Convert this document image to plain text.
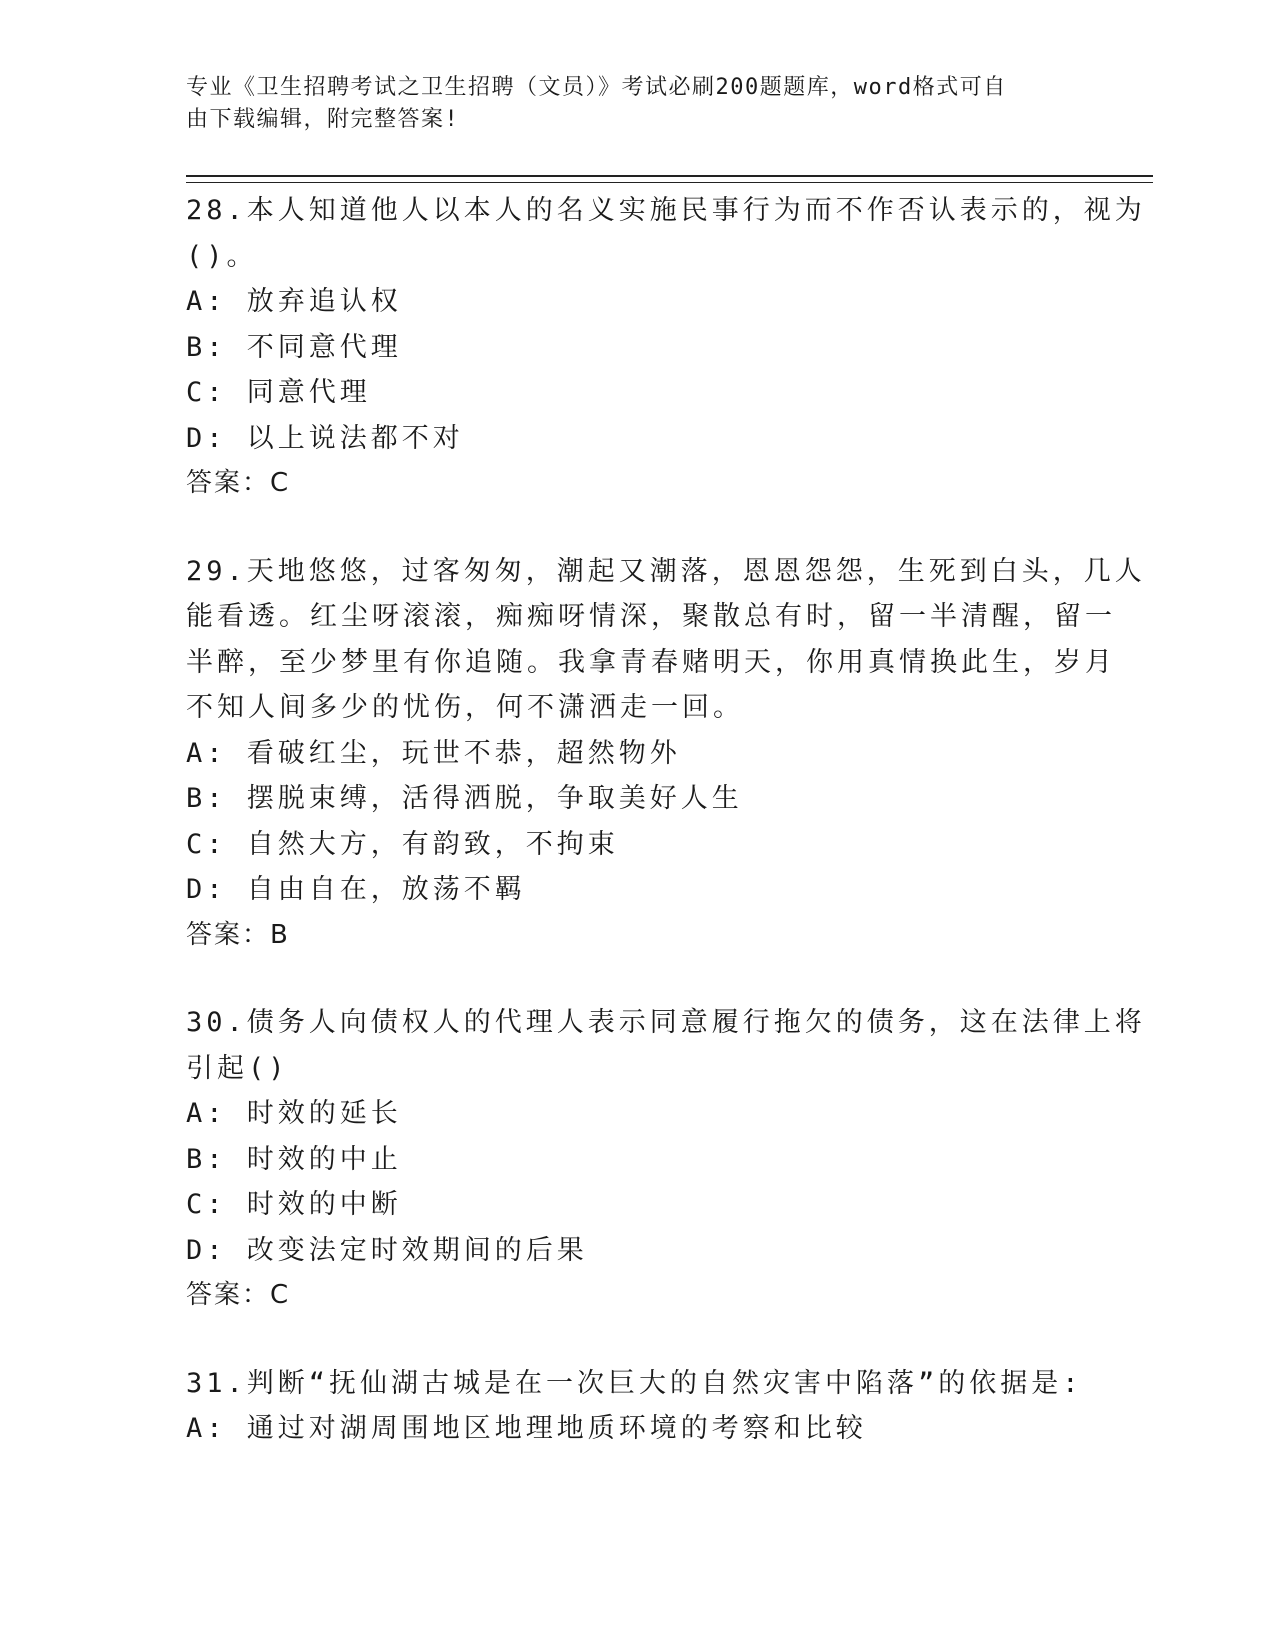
专业《卫生招聘考试之卫生招聘（文员）》考试必刷200题题库，word格式可自
由下载编辑，附完整答案!
28.本人知道他人以本人的名义实施民事行为而不作否认表示的，视为
()。
A: 放弃追认权
B: 不同意代理
C: 同意代理
D: 以上说法都不对
答案：C
29.天地悠悠，过客匆匆，潮起又潮落，恩恩怨怨，生死到白头，几人
能看透。红尘呀滚滚，痴痴呀情深，聚散总有时，留一半清醒，留一
半醉，至少梦里有你追随。我拿青春赌明天，你用真情换此生，岁月
不知人间多少的忧伤，何不潇洒走一回。
A: 看破红尘，玩世不恭，超然物外
B: 摆脱束缚，活得洒脱，争取美好人生
C: 自然大方，有韵致，不拘束
D: 自由自在，放荡不羁
答案：B
30.债务人向债权人的代理人表示同意履行拖欠的债务，这在法律上将
引起()
A: 时效的延长
B: 时效的中止
C: 时效的中断
D: 改变法定时效期间的后果
答案：C
31.判断“抚仙湖古城是在一次巨大的自然灾害中陷落”的依据是:
A: 通过对湖周围地区地理地质环境的考察和比较
